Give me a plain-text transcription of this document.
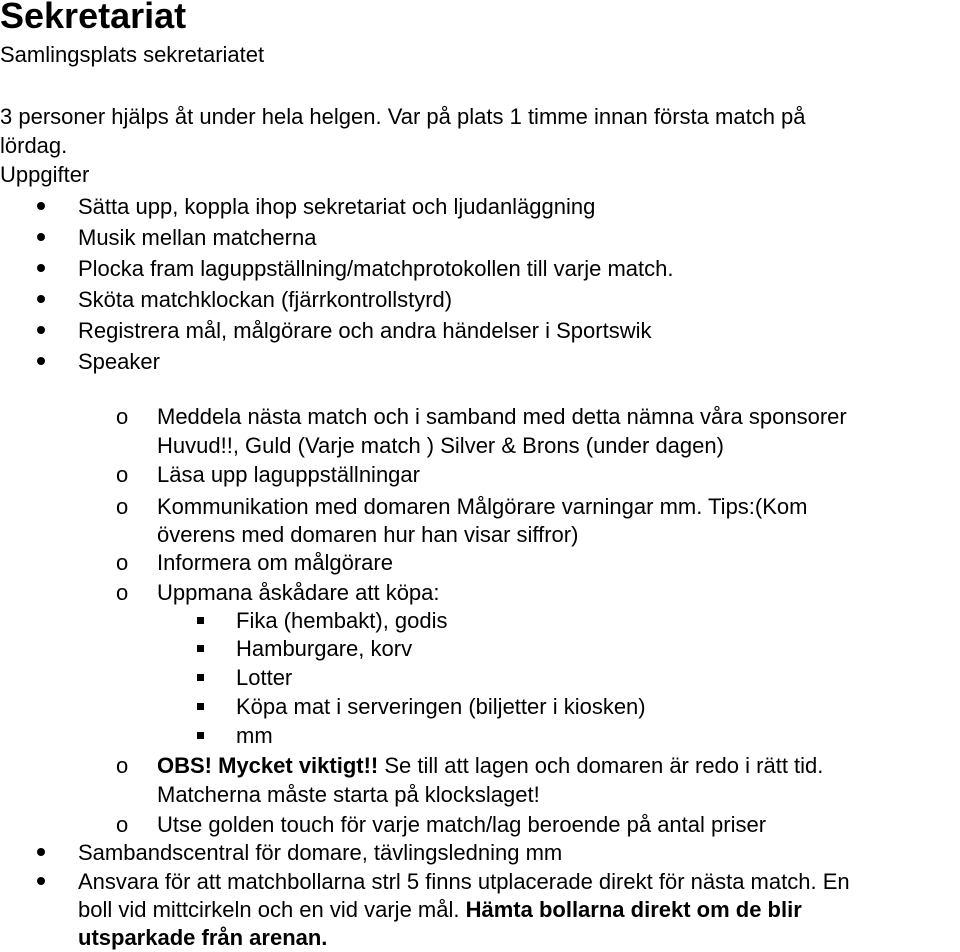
Sekretariat
Samlingsplats sekretariatet
3 personer hjälps åt under hela helgen. Var på plats 1 timme innan första match på
lördag.
Uppgifter
Sätta upp, koppla ihop sekretariat och ljudanläggning
Musik mellan matcherna
Plocka fram laguppställning/matchprotokollen till varje match.
Sköta matchklockan (fjärrkontrollstyrd)
Registrera mål, målgörare och andra händelser i Sportswik
Speaker
o Meddela nästa match och i samband med detta nämna våra sponsorer
Huvud!!, Guld (Varje match ) Silver & Brons (under dagen)
o Läsa upp laguppställningar
o Kommunikation med domaren Målgörare varningar mm. Tips:(Kom
överens med domaren hur han visar siffror)
o Informera om målgörare
o Uppmana åskådare att köpa:
Fika (hembakt), godis
Hamburgare, korv
Lotter
Köpa mat i serveringen (biljetter i kiosken)
mm
o OBS! Mycket viktigt!! Se till att lagen och domaren är redo i rätt tid.
Matcherna måste starta på klockslaget!
o Utse golden touch för varje match/lag beroende på antal priser
Sambandscentral för domare, tävlingsledning mm
Ansvara för att matchbollarna strl 5 finns utplacerade direkt för nästa match. En
boll vid mittcirkeln och en vid varje mål. Hämta bollarna direkt om de blir
utsparkade från arenan.
